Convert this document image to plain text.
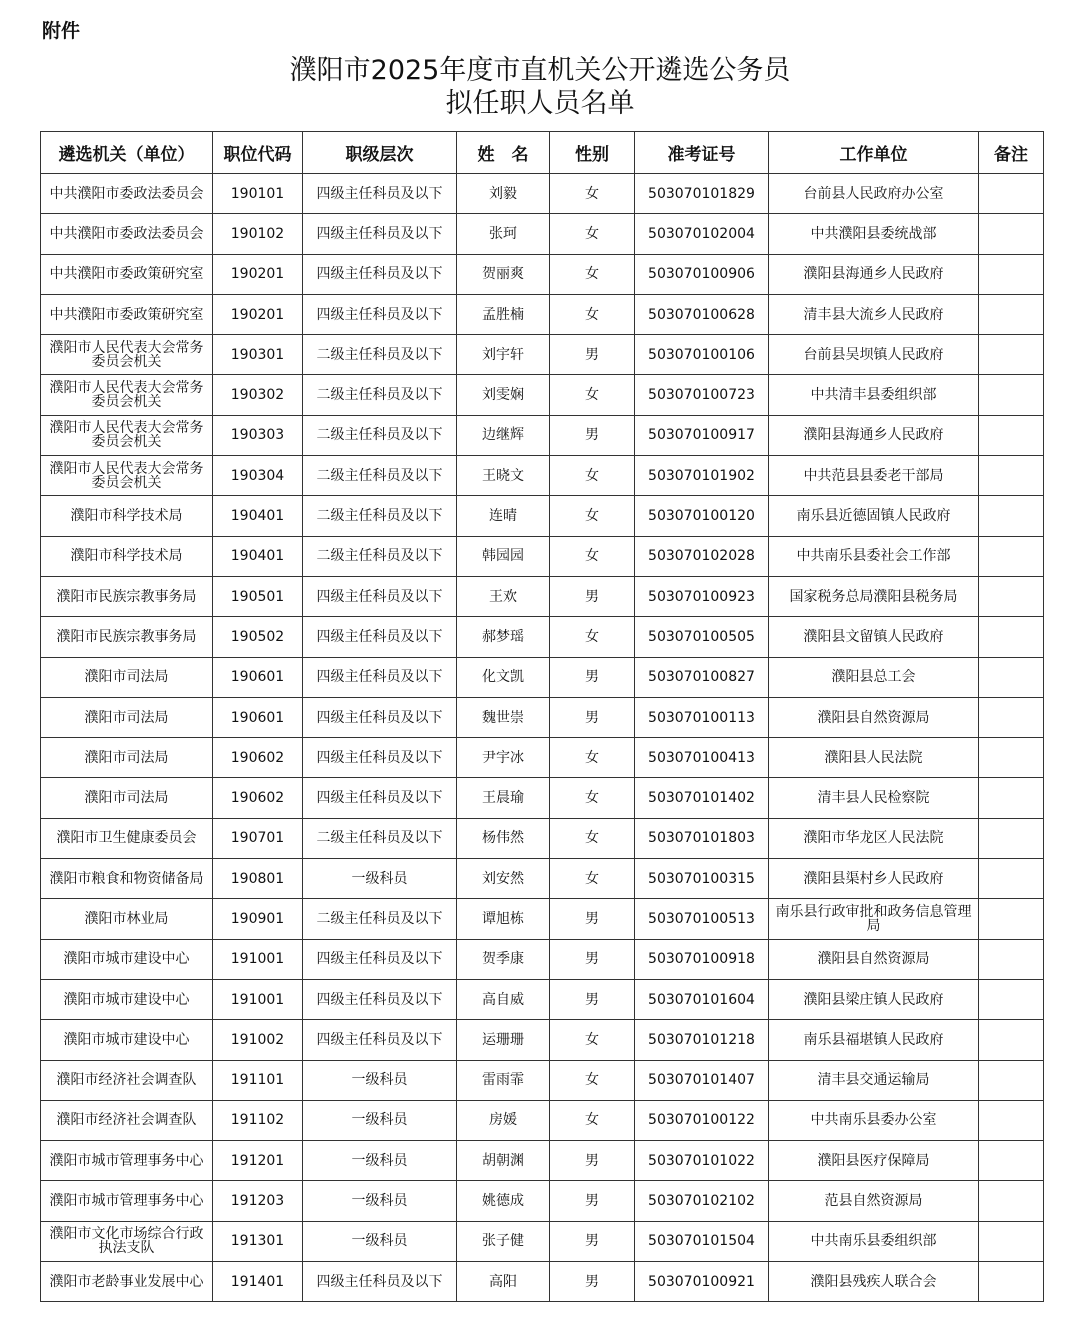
附件
濮阳市2025年度市直机关公开遴选公务员
拟任职人员名单
遴选机关（单位）	职位代码	职级层次	姓　名	性别	准考证号	工作单位	备注
中共濮阳市委政法委员会	190101	四级主任科员及以下	刘毅	女	503070101829	台前县人民政府办公室	
中共濮阳市委政法委员会	190102	四级主任科员及以下	张珂	女	503070102004	中共濮阳县委统战部	
中共濮阳市委政策研究室	190201	四级主任科员及以下	贺丽爽	女	503070100906	濮阳县海通乡人民政府	
中共濮阳市委政策研究室	190201	四级主任科员及以下	孟胜楠	女	503070100628	清丰县大流乡人民政府	
濮阳市人民代表大会常务委员会机关	190301	二级主任科员及以下	刘宇轩	男	503070100106	台前县吴坝镇人民政府	
濮阳市人民代表大会常务委员会机关	190302	二级主任科员及以下	刘雯娴	女	503070100723	中共清丰县委组织部	
濮阳市人民代表大会常务委员会机关	190303	二级主任科员及以下	边继辉	男	503070100917	濮阳县海通乡人民政府	
濮阳市人民代表大会常务委员会机关	190304	二级主任科员及以下	王晓文	女	503070101902	中共范县县委老干部局	
濮阳市科学技术局	190401	二级主任科员及以下	连晴	女	503070100120	南乐县近德固镇人民政府	
濮阳市科学技术局	190401	二级主任科员及以下	韩园园	女	503070102028	中共南乐县委社会工作部	
濮阳市民族宗教事务局	190501	四级主任科员及以下	王欢	男	503070100923	国家税务总局濮阳县税务局	
濮阳市民族宗教事务局	190502	四级主任科员及以下	郝梦瑶	女	503070100505	濮阳县文留镇人民政府	
濮阳市司法局	190601	四级主任科员及以下	化文凯	男	503070100827	濮阳县总工会	
濮阳市司法局	190601	四级主任科员及以下	魏世崇	男	503070100113	濮阳县自然资源局	
濮阳市司法局	190602	四级主任科员及以下	尹宇冰	女	503070100413	濮阳县人民法院	
濮阳市司法局	190602	四级主任科员及以下	王晨瑜	女	503070101402	清丰县人民检察院	
濮阳市卫生健康委员会	190701	二级主任科员及以下	杨伟然	女	503070101803	濮阳市华龙区人民法院	
濮阳市粮食和物资储备局	190801	一级科员	刘安然	女	503070100315	濮阳县渠村乡人民政府	
濮阳市林业局	190901	二级主任科员及以下	谭旭栋	男	503070100513	南乐县行政审批和政务信息管理局	
濮阳市城市建设中心	191001	四级主任科员及以下	贺季康	男	503070100918	濮阳县自然资源局	
濮阳市城市建设中心	191001	四级主任科员及以下	高自威	男	503070101604	濮阳县梁庄镇人民政府	
濮阳市城市建设中心	191002	四级主任科员及以下	运珊珊	女	503070101218	南乐县福堪镇人民政府	
濮阳市经济社会调查队	191101	一级科员	雷雨霏	女	503070101407	清丰县交通运输局	
濮阳市经济社会调查队	191102	一级科员	房媛	女	503070100122	中共南乐县委办公室	
濮阳市城市管理事务中心	191201	一级科员	胡朝渊	男	503070101022	濮阳县医疗保障局	
濮阳市城市管理事务中心	191203	一级科员	姚德成	男	503070102102	范县自然资源局	
濮阳市文化市场综合行政执法支队	191301	一级科员	张子健	男	503070101504	中共南乐县委组织部	
濮阳市老龄事业发展中心	191401	四级主任科员及以下	高阳	男	503070100921	濮阳县残疾人联合会	
